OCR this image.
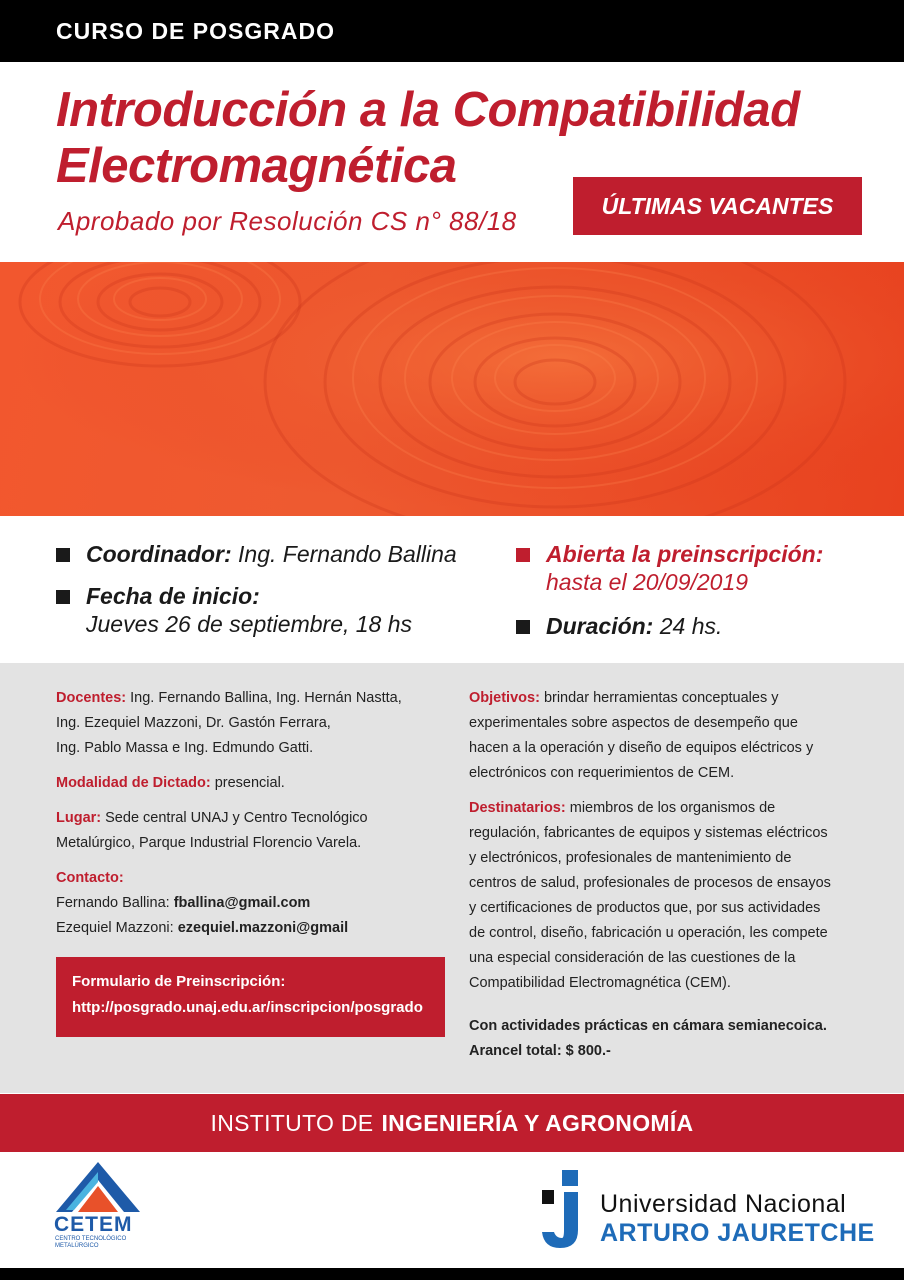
CURSO DE POSGRADO
Introducción a la Compatibilidad
Electromagnética
Aprobado por Resolución CS n° 88/18
ÚLTIMAS VACANTES
Coordinador: Ing. Fernando Ballina
Fecha de inicio:
Jueves 26 de septiembre, 18 hs
Abierta la preinscripción:
hasta el 20/09/2019
Duración: 24 hs.

Docentes: Ing. Fernando Ballina, Ing. Hernán Nastta,
Ing. Ezequiel Mazzoni, Dr. Gastón Ferrara,
Ing. Pablo Massa e Ing. Edmundo Gatti.

Modalidad de Dictado: presencial.

Lugar: Sede central UNAJ y Centro Tecnológico
Metalúrgico, Parque Industrial Florencio Varela.

Contacto:
Fernando Ballina: fballina@gmail.com
Ezequiel Mazzoni: ezequiel.mazzoni@gmail

Formulario de Preinscripción:
http://posgrado.unaj.edu.ar/inscripcion/posgrado

Objetivos: brindar herramientas conceptuales y
experimentales sobre aspectos de desempeño que
hacen a la operación y diseño de equipos eléctricos y
electrónicos con requerimientos de CEM.

Destinatarios: miembros de los organismos de
regulación, fabricantes de equipos y sistemas eléctricos
y electrónicos, profesionales de mantenimiento de
centros de salud, profesionales de procesos de ensayos
y certificaciones de productos que, por sus actividades
de control, diseño, fabricación u operación, les compete
una especial consideración de las cuestiones de la
Compatibilidad Electromagnética (CEM).

Con actividades prácticas en cámara semianecoica.
Arancel total: $ 800.-

INSTITUTO DE INGENIERÍA Y AGRONOMÍA
CETEM
CENTRO TECNOLÓGICO METALÚRGICO
Universidad Nacional
ARTURO JAURETCHE
